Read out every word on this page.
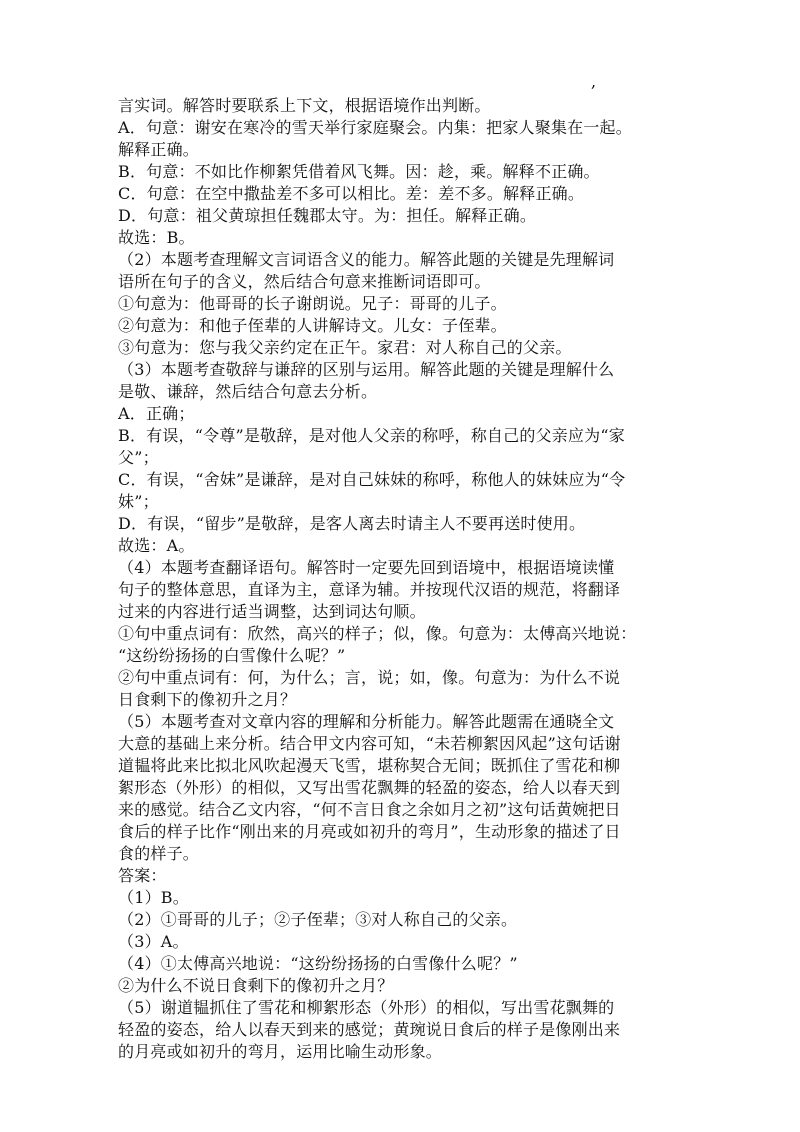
,

言实词。解答时要联系上下文，根据语境作出判断。

A．句意：谢安在寒冷的雪天举行家庭聚会。内集：把家人聚集在一起。

解释正确。

B．句意：不如比作柳絮凭借着风飞舞。因：趁，乘。解释不正确。

C．句意：在空中撒盐差不多可以相比。差：差不多。解释正确。

D．句意：祖父黄琼担任魏郡太守。为：担任。解释正确。

故选：B。

（2）本题考查理解文言词语含义的能力。解答此题的关键是先理解词

语所在句子的含义，然后结合句意来推断词语即可。

①句意为：他哥哥的长子谢朗说。兄子：哥哥的儿子。

②句意为：和他子侄辈的人讲解诗文。儿女：子侄辈。

③句意为：您与我父亲约定在正午。家君：对人称自己的父亲。

（3）本题考查敬辞与谦辞的区别与运用。解答此题的关键是理解什么

是敬、谦辞，然后结合句意去分析。

A．正确；

B．有误，“令尊”是敬辞，是对他人父亲的称呼，称自己的父亲应为“家

父”；

C．有误，“舍妹”是谦辞，是对自己妹妹的称呼，称他人的妹妹应为“令

妹”；

D．有误，“留步”是敬辞，是客人离去时请主人不要再送时使用。

故选：A。

（4）本题考查翻译语句。解答时一定要先回到语境中，根据语境读懂

句子的整体意思，直译为主，意译为辅。并按现代汉语的规范，将翻译

过来的内容进行适当调整，达到词达句顺。

①句中重点词有：欣然，高兴的样子；似，像。句意为：太傅高兴地说：

“这纷纷扬扬的白雪像什么呢？”

②句中重点词有：何，为什么；言，说；如，像。句意为：为什么不说

日食剩下的像初升之月？

（5）本题考查对文章内容的理解和分析能力。解答此题需在通晓全文

大意的基础上来分析。结合甲文内容可知，“未若柳絮因风起”这句话谢

道韫将此来比拟北风吹起漫天飞雪，堪称契合无间；既抓住了雪花和柳

絮形态（外形）的相似，又写出雪花飘舞的轻盈的姿态，给人以春天到

来的感觉。结合乙文内容，“何不言日食之余如月之初”这句话黄婉把日

食后的样子比作“刚出来的月亮或如初升的弯月”，生动形象的描述了日

食的样子。

答案：

（1）B。

（2）①哥哥的儿子；②子侄辈；③对人称自己的父亲。

（3）A。

（4）①太傅高兴地说：“这纷纷扬扬的白雪像什么呢？”

②为什么不说日食剩下的像初升之月？

（5）谢道韫抓住了雪花和柳絮形态（外形）的相似，写出雪花飘舞的

轻盈的姿态，给人以春天到来的感觉；黄琬说日食后的样子是像刚出来

的月亮或如初升的弯月，运用比喻生动形象。
